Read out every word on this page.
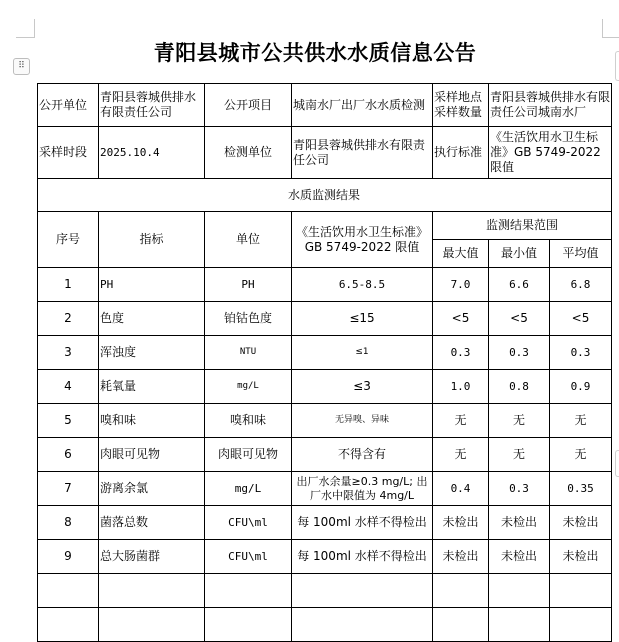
⠿
青阳县城市公共供水水质信息公告
公开单位	青阳县蓉城供排水有限责任公司	公开项目	城南水厂出厂水水质检测	采样地点采样数量	青阳县蓉城供排水有限责任公司城南水厂	
采样时段	2025.10.4	检测单位	青阳县蓉城供排水有限责任公司	执行标准	《生活饮用水卫生标准》GB 5749-2022 限值	
水质监测结果						
序号	指标	单位	《生活饮用水卫生标准》 GB 5749-2022 限值	监测结果范围		
				最大值	最小值	平均值
1	PH	PH	6.5-8.5	7.0	6.6	6.8
2	色度	铂钴色度	≤15	<5	<5	<5
3	浑浊度	NTU	≤1	0.3	0.3	0.3
4	耗氧量	mg/L	≤3	1.0	0.8	0.9
5	嗅和味	嗅和味	无异嗅、异味	无	无	无
6	肉眼可见物	肉眼可见物	不得含有	无	无	无
7	游离余氯	mg/L	出厂水余量≥0.3 mg/L; 出厂水中限值为 4mg/L	0.4	0.3	0.35
8	菌落总数	CFU\ml	每 100ml 水样不得检出	未检出	未检出	未检出
9	总大肠菌群	CFU\ml	每 100ml 水样不得检出	未检出	未检出	未检出
